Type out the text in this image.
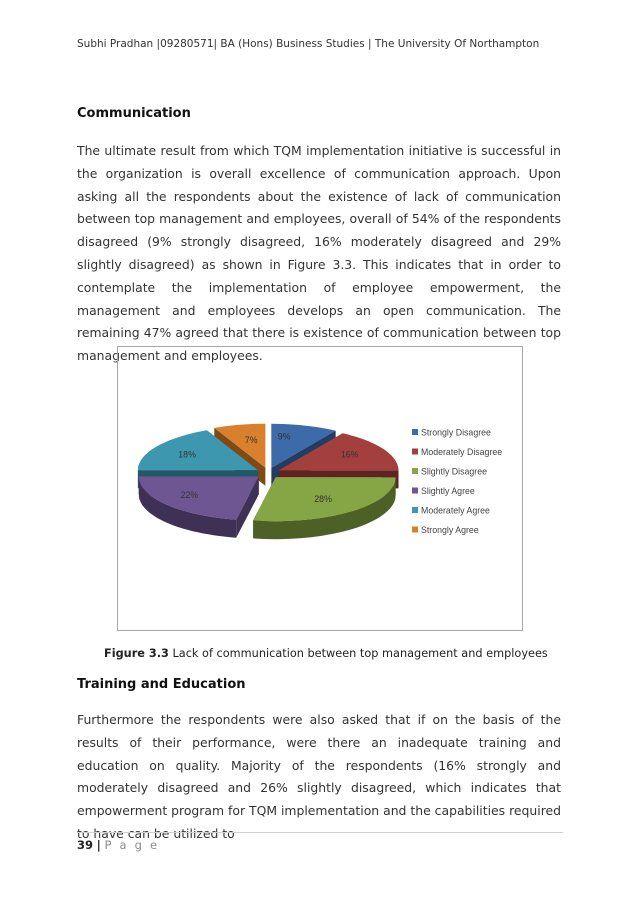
Subhi Pradhan |09280571| BA (Hons) Business Studies | The University Of Northampton
Communication

The ultimate result from which TQM implementation initiative is successful in the organization is overall excellence of communication approach. Upon asking all the respondents about the existence of lack of communication between top management and employees, overall of 54% of the respondents disagreed (9% strongly disagreed, 16% moderately disagreed and 29% slightly disagreed) as shown in Figure 3.3. This indicates that in order to contemplate the implementation of employee empowerment, the management and employees develops an open communication. The remaining 47% agreed that there is existence of communication between top management and employees.

9%
16%
28%
22%
18%
7%
Strongly Disagree
Moderately Disagree
Slightly Disagree
Slightly Agree
Moderately Agree
Strongly Agree
Figure 3.3 Lack of communication between top management and employees
Training and Education

Furthermore the respondents were also asked that if on the basis of the results of their performance, were there an inadequate training and education on quality. Majority of the respondents (16% strongly and moderately disagreed and 26% slightly disagreed, which indicates that empowerment program for TQM implementation and the capabilities required to have can be utilized to

39 | P a g e
